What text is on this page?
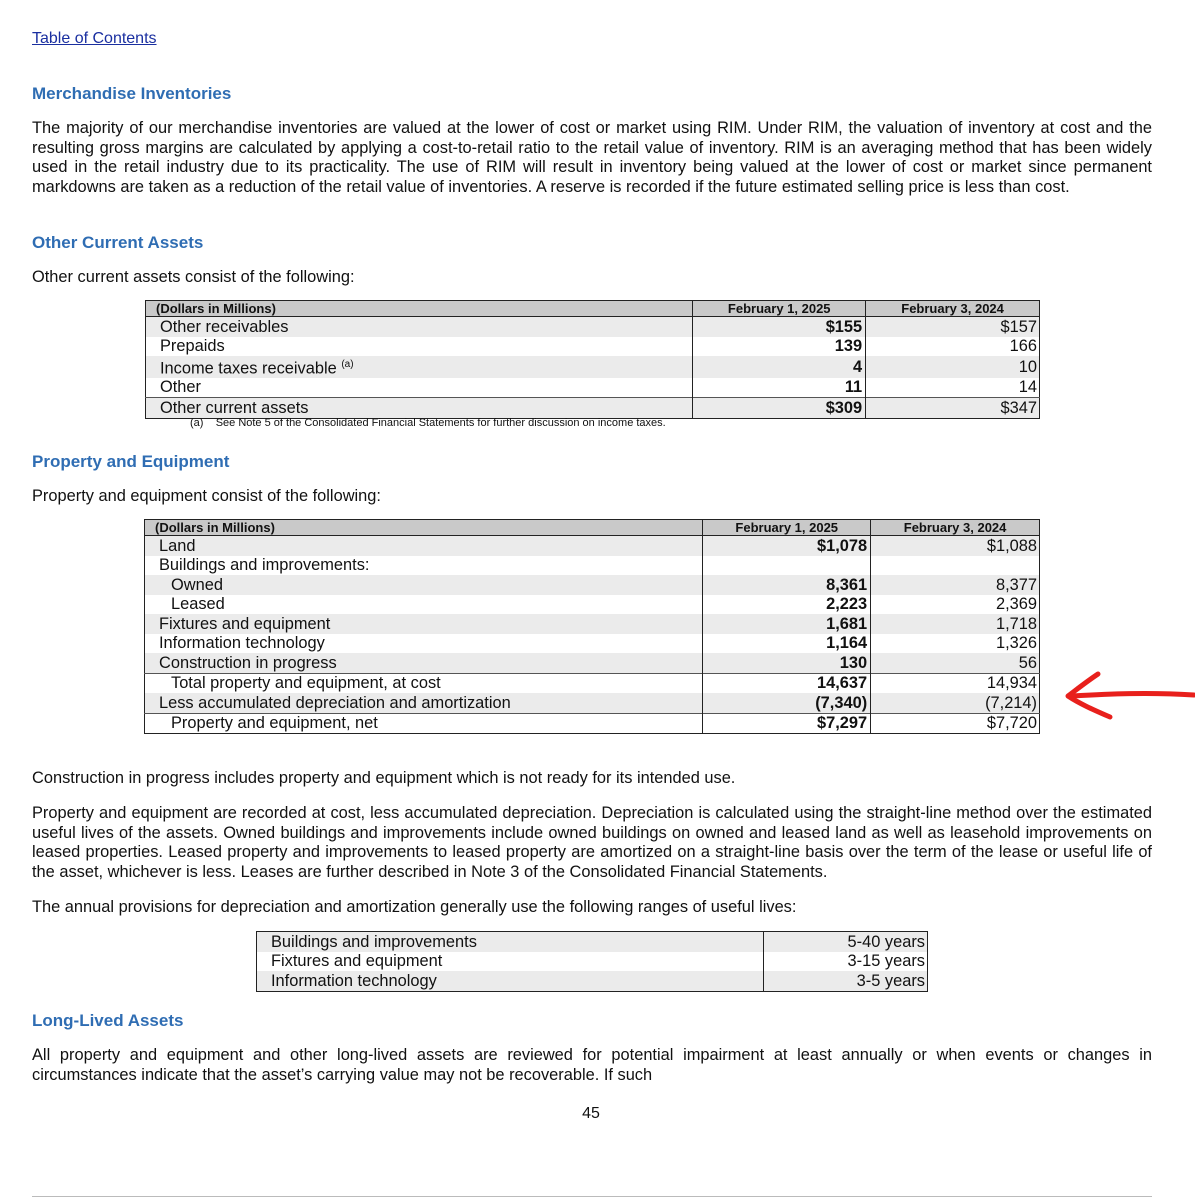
Table of Contents
Merchandise Inventories

The majority of our merchandise inventories are valued at the lower of cost or market using RIM. Under RIM, the valuation of inventory at cost and the resulting gross margins are calculated by applying a cost-to-retail ratio to the retail value of inventory. RIM is an averaging method that has been widely used in the retail industry due to its practicality. The use of RIM will result in inventory being valued at the lower of cost or market since permanent markdowns are taken as a reduction of the retail value of inventories. A reserve is recorded if the future estimated selling price is less than cost.

Other Current Assets

Other current assets consist of the following:

(Dollars in Millions)	February 1, 2025	February 3, 2024
Other receivables	$155	$157
Prepaids	139	166
Income taxes receivable $^{(a)}$	4	10
Other	11	14
Other current assets	$309	$347
(a) See Note 5 of the Consolidated Financial Statements for further discussion on income taxes.
Property and Equipment

Property and equipment consist of the following:

(Dollars in Millions)	February 1, 2025	February 3, 2024
Land	$1,078	$1,088
Buildings and improvements:		
Owned	8,361	8,377
Leased	2,223	2,369
Fixtures and equipment	1,681	1,718
Information technology	1,164	1,326
Construction in progress	130	56
Total property and equipment, at cost	14,637	14,934
Less accumulated depreciation and amortization	(7,340)	(7,214)
Property and equipment, net	$7,297	$7,720

Construction in progress includes property and equipment which is not ready for its intended use.

Property and equipment are recorded at cost, less accumulated depreciation. Depreciation is calculated using the straight-line method over the estimated useful lives of the assets. Owned buildings and improvements include owned buildings on owned and leased land as well as leasehold improvements on leased properties. Leased property and improvements to leased property are amortized on a straight-line basis over the term of the lease or useful life of the asset, whichever is less. Leases are further described in Note 3 of the Consolidated Financial Statements.

The annual provisions for depreciation and amortization generally use the following ranges of useful lives:

Buildings and improvements	5-40 years
Fixtures and equipment	3-15 years
Information technology	3-5 years
Long-Lived Assets

All property and equipment and other long-lived assets are reviewed for potential impairment at least annually or when events or changes in circumstances indicate that the asset’s carrying value may not be recoverable. If such

45
